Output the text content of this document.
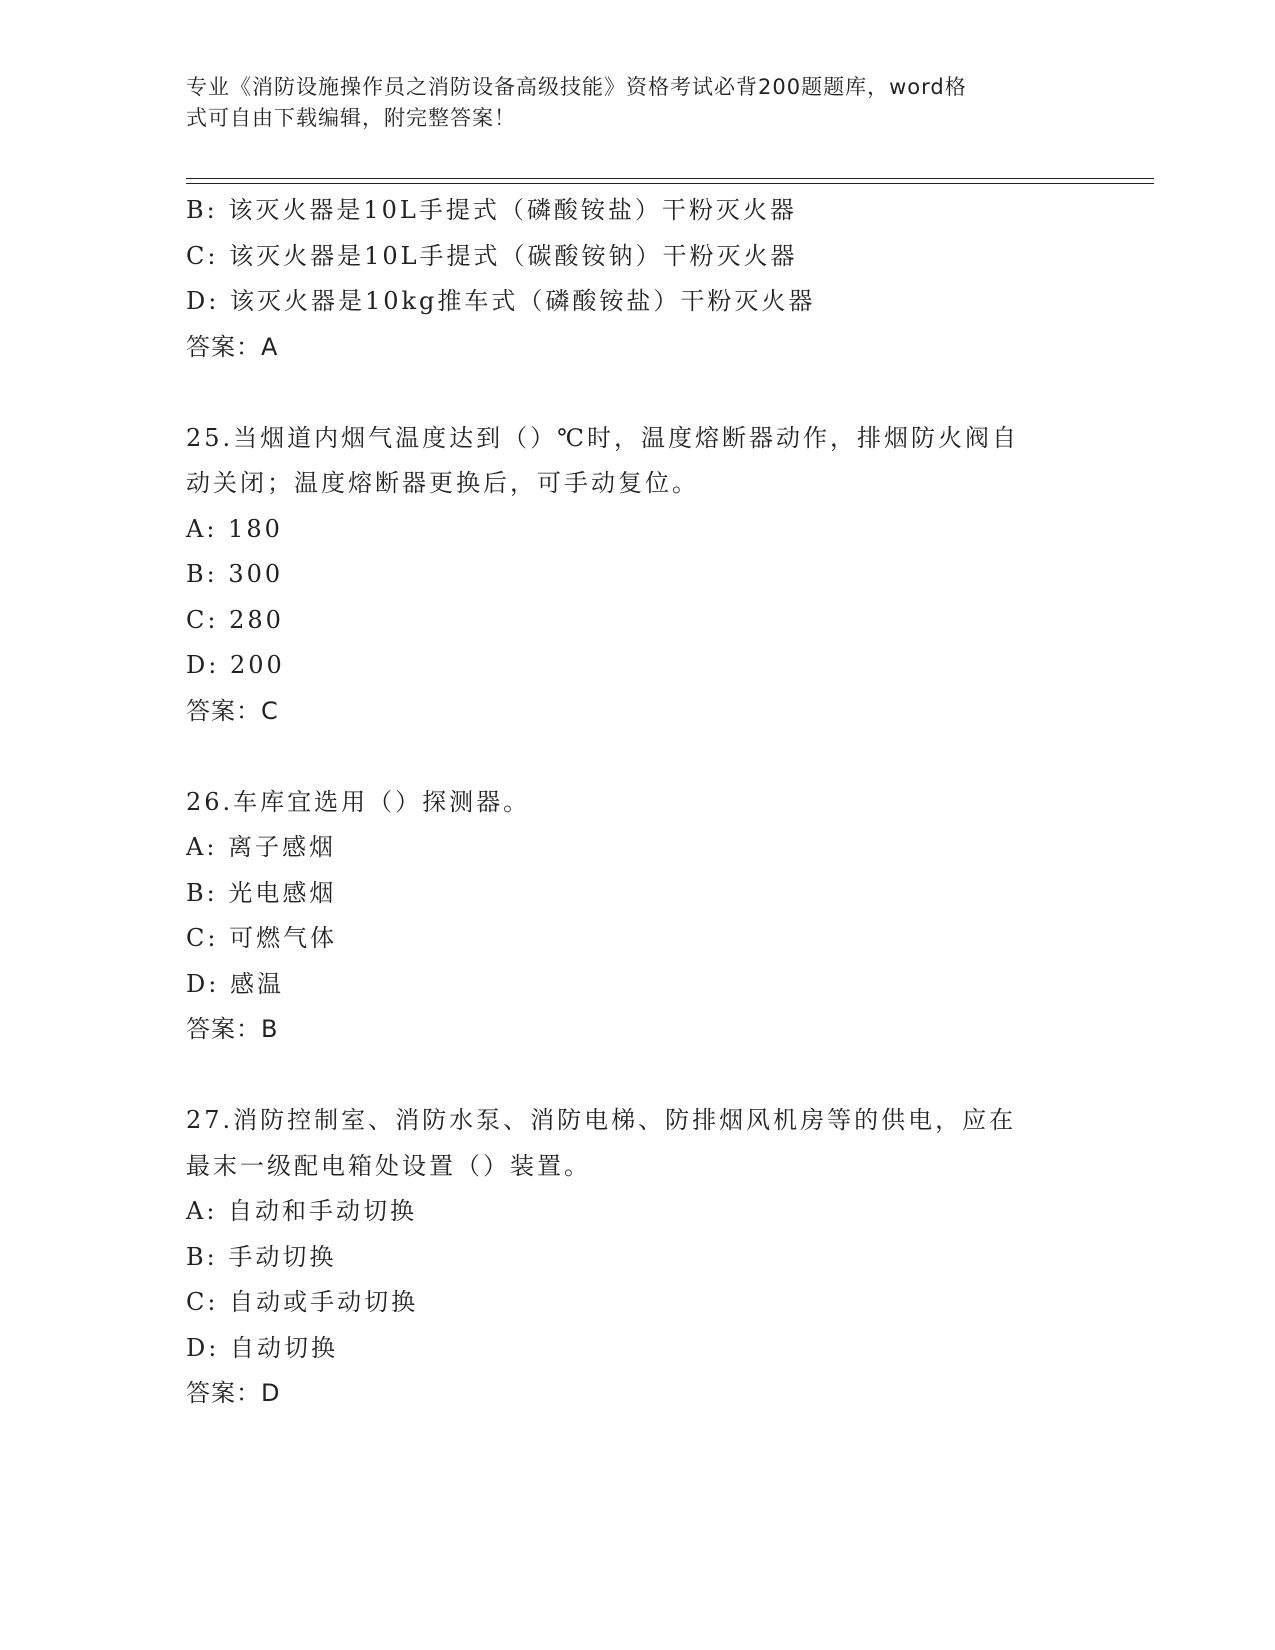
专业《消防设施操作员之消防设备高级技能》资格考试必背200题题库，word格
式可自由下载编辑，附完整答案！
B: 该灭火器是10L手提式（磷酸铵盐）干粉灭火器
C: 该灭火器是10L手提式（碳酸铵钠）干粉灭火器
D: 该灭火器是10kg推车式（磷酸铵盐）干粉灭火器
答案：A
25.当烟道内烟气温度达到（）℃时，温度熔断器动作，排烟防火阀自
动关闭；温度熔断器更换后，可手动复位。
A: 180
B: 300
C: 280
D: 200
答案：C
26.车库宜选用（）探测器。
A: 离子感烟
B: 光电感烟
C: 可燃气体
D: 感温
答案：B
27.消防控制室、消防水泵、消防电梯、防排烟风机房等的供电，应在
最末一级配电箱处设置（）装置。
A: 自动和手动切换
B: 手动切换
C: 自动或手动切换
D: 自动切换
答案：D
